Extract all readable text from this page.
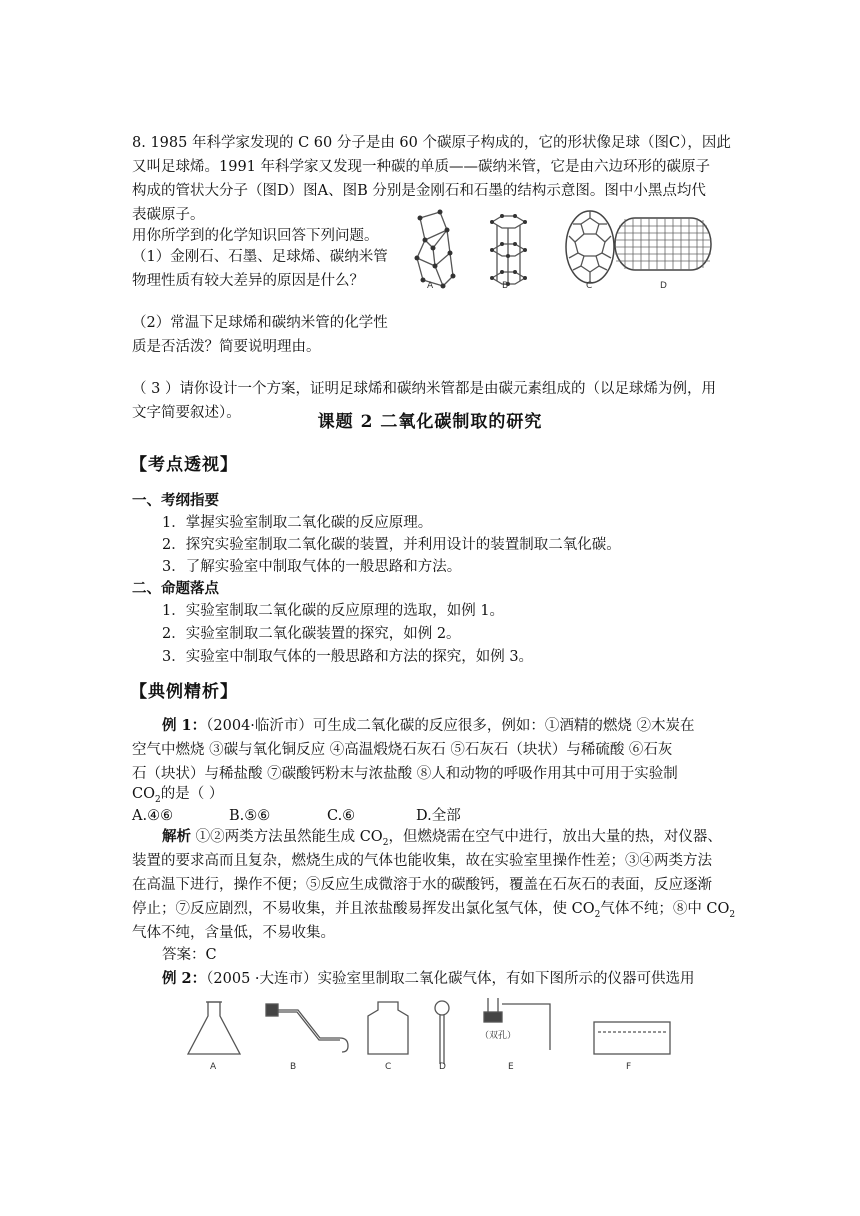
8. 1985 年科学家发现的 C 60 分子是由 60 个碳原子构成的，它的形状像足球（图C），因此
又叫足球烯。1991 年科学家又发现一种碳的单质——碳纳米管，它是由六边环形的碳原子
构成的管状大分子（图D）图A、图B 分别是金刚石和石墨的结构示意图。图中小黑点均代
表碳原子。
用你所学到的化学知识回答下列问题。
（1）金刚石、石墨、足球烯、碳纳米管
物理性质有较大差异的原因是什么？
（2）常温下足球烯和碳纳米管的化学性
质是否活泼？简要说明理由。
（ 3 ）请你设计一个方案，证明足球烯和碳纳米管都是由碳元素组成的（以足球烯为例，用
文字简要叙述）。
A	B	C	D
课题 2 二氧化碳制取的研究
【考点透视】
一、考纲指要
1．掌握实验室制取二氧化碳的反应原理。
2．探究实验室制取二氧化碳的装置，并利用设计的装置制取二氧化碳。
3．了解实验室中制取气体的一般思路和方法。
二、命题落点
1．实验室制取二氧化碳的反应原理的选取，如例 1。
2．实验室制取二氧化碳装置的探究，如例 2。
3．实验室中制取气体的一般思路和方法的探究，如例 3。
【典例精析】
例 1：（2004·临沂市）可生成二氧化碳的反应很多，例如：①酒精的燃烧 ②木炭在
空气中燃烧 ③碳与氧化铜反应 ④高温煅烧石灰石 ⑤石灰石（块状）与稀硫酸 ⑥石灰
石（块状）与稀盐酸 ⑦碳酸钙粉末与浓盐酸 ⑧人和动物的呼吸作用其中可用于实验制
$CO_2$的是（ ）
A.④⑥	B.⑤⑥	C.⑥	D.全部
解析 ①②两类方法虽然能生成 $CO_2$，但燃烧需在空气中进行，放出大量的热，对仪器、
装置的要求高而且复杂，燃烧生成的气体也能收集，故在实验室里操作性差；③④两类方法
在高温下进行，操作不便；⑤反应生成微溶于水的碳酸钙，覆盖在石灰石的表面，反应逐渐
停止；⑦反应剧烈，不易收集，并且浓盐酸易挥发出氯化氢气体，使 $CO_2$气体不纯；⑧中 $CO_2$
气体不纯，含量低，不易收集。
答案：C
例 2：（2005 ·大连市）实验室里制取二氧化碳气体，有如下图所示的仪器可供选用
A	B	C	D
（双孔）
E	F
